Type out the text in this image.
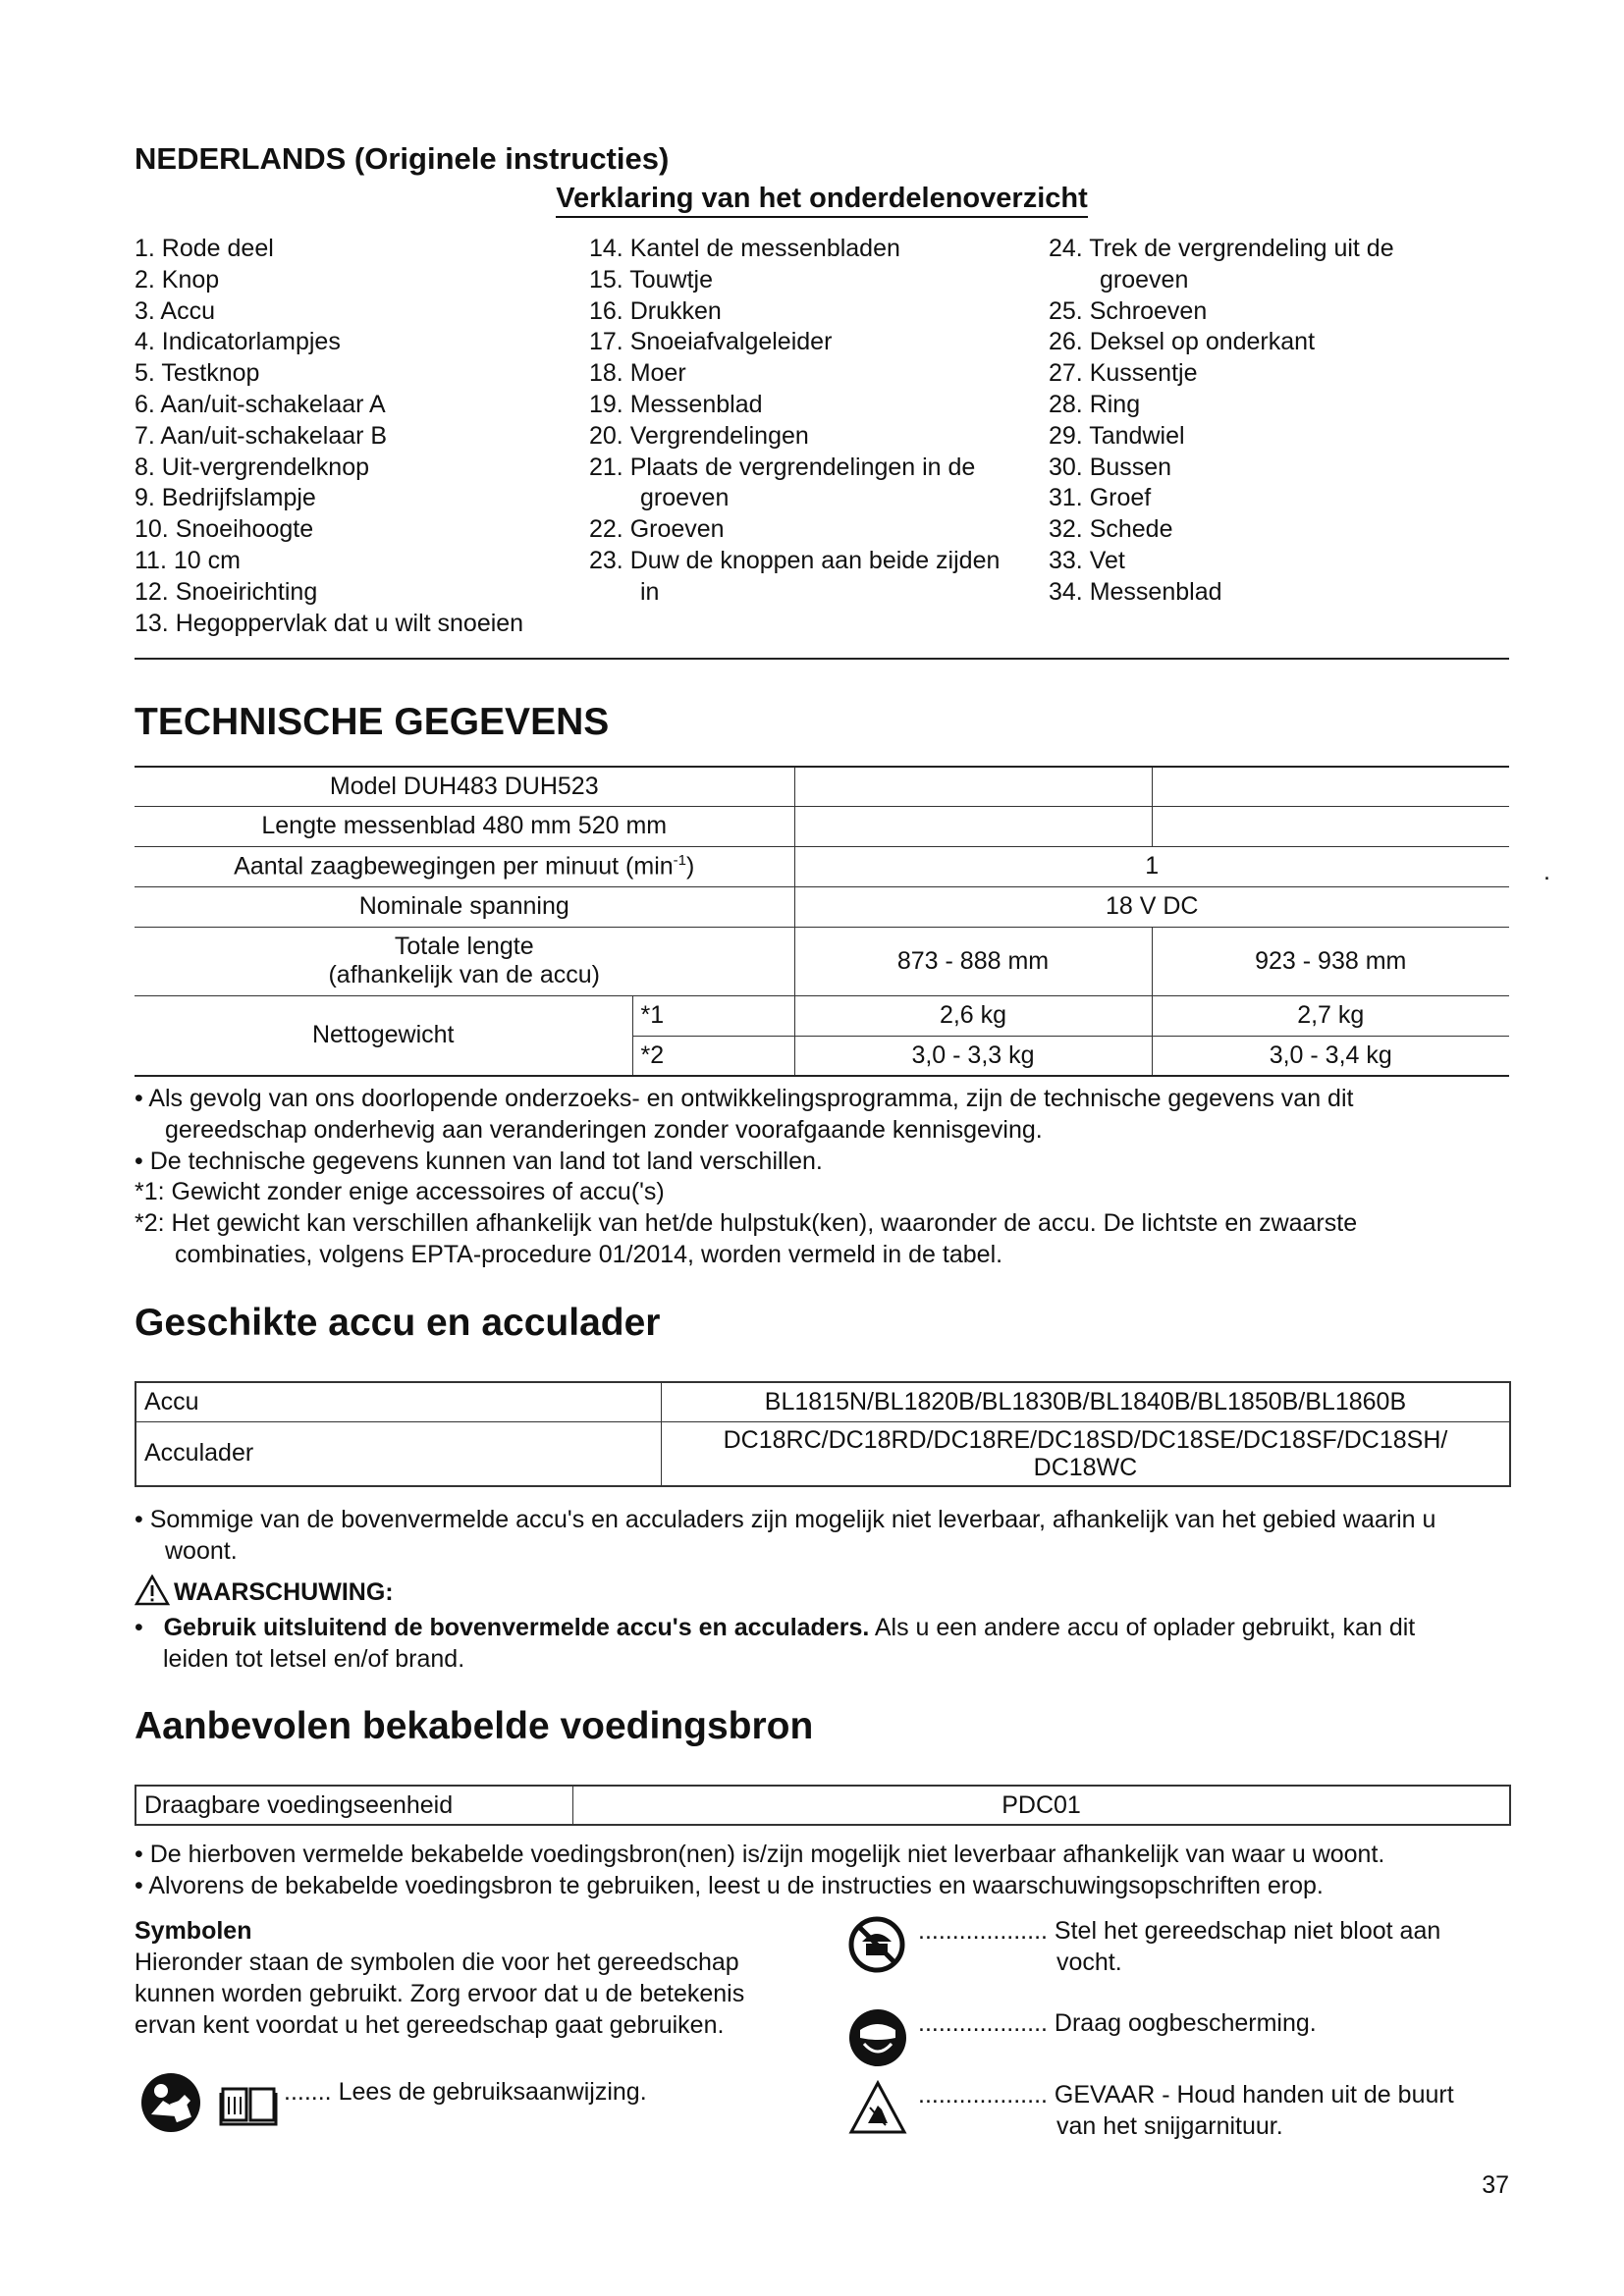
NEDERLANDS (Originele instructies)
Verklaring van het onderdelenoverzicht
1. Rode deel
2. Knop
3. Accu
4. Indicatorlampjes
5. Testknop
6. Aan/uit-schakelaar A
7. Aan/uit-schakelaar B
8. Uit-vergrendelknop
9. Bedrijfslampje
10. Snoeihoogte
11. 10 cm
12. Snoeirichting
13. Hegoppervlak dat u wilt snoeien
14. Kantel de messenbladen
15. Touwtje
16. Drukken
17. Snoeiafvalgeleider
18. Moer
19. Messenblad
20. Vergrendelingen
21. Plaats de vergrendelingen in de
groeven
22. Groeven
23. Duw de knoppen aan beide zijden
in
24. Trek de vergrendeling uit de
groeven
25. Schroeven
26. Deksel op onderkant
27. Kussentje
28. Ring
29. Tandwiel
30. Bussen
31. Groef
32. Schede
33. Vet
34. Messenblad
TECHNISCHE GEGEVENS
Model DUH483 DUH523			
Lengte messenblad 480 mm 520 mm			
Aantal zaagbewegingen per minuut $(\min^{-1})$		1	
Nominale spanning		18 V DC	

Totale lengte
(afhankelijk van de accu)		873 - 888 mm	923 - 938 mm
Nettogewicht	*1	2,6 kg	2,7 kg
	*2	3,0 - 3,3 kg	3,0 - 3,4 kg
• Als gevolg van ons doorlopende onderzoeks- en ontwikkelingsprogramma, zijn de technische gegevens van dit
gereedschap onderhevig aan veranderingen zonder voorafgaande kennisgeving.
• De technische gegevens kunnen van land tot land verschillen.
*1: Gewicht zonder enige accessoires of accu('s)
*2: Het gewicht kan verschillen afhankelijk van het/de hulpstuk(ken), waaronder de accu. De lichtste en zwaarste
combinaties, volgens EPTA-procedure 01/2014, worden vermeld in de tabel.
Geschikte accu en acculader
Accu	BL1815N/BL1820B/BL1830B/BL1840B/BL1850B/BL1860B
Acculader	DC18RC/DC18RD/DC18RE/DC18SD/DC18SE/DC18SF/DC18SH/
DC18WC
• Sommige van de bovenvermelde accu's en acculaders zijn mogelijk niet leverbaar, afhankelijk van het gebied waarin u
woont.
WAARSCHUWING:
•   Gebruik uitsluitend de bovenvermelde accu's en acculaders. Als u een andere accu of oplader gebruikt, kan dit
leiden tot letsel en/of brand.
Aanbevolen bekabelde voedingsbron
Draagbare voedingseenheid	PDC01
• De hierboven vermelde bekabelde voedingsbron(nen) is/zijn mogelijk niet leverbaar afhankelijk van waar u woont.
• Alvorens de bekabelde voedingsbron te gebruiken, leest u de instructies en waarschuwingsopschriften erop.
Symbolen
Hieronder staan de symbolen die voor het gereedschap
kunnen worden gebruikt. Zorg ervoor dat u de betekenis
ervan kent voordat u het gereedschap gaat gebruiken.

....... Lees de gebruiksaanwijzing.
................... Stel het gereedschap niet bloot aan
vocht.
................... Draag oogbescherming.
................... GEVAAR - Houd handen uit de buurt
van het snijgarnituur.
37
.
